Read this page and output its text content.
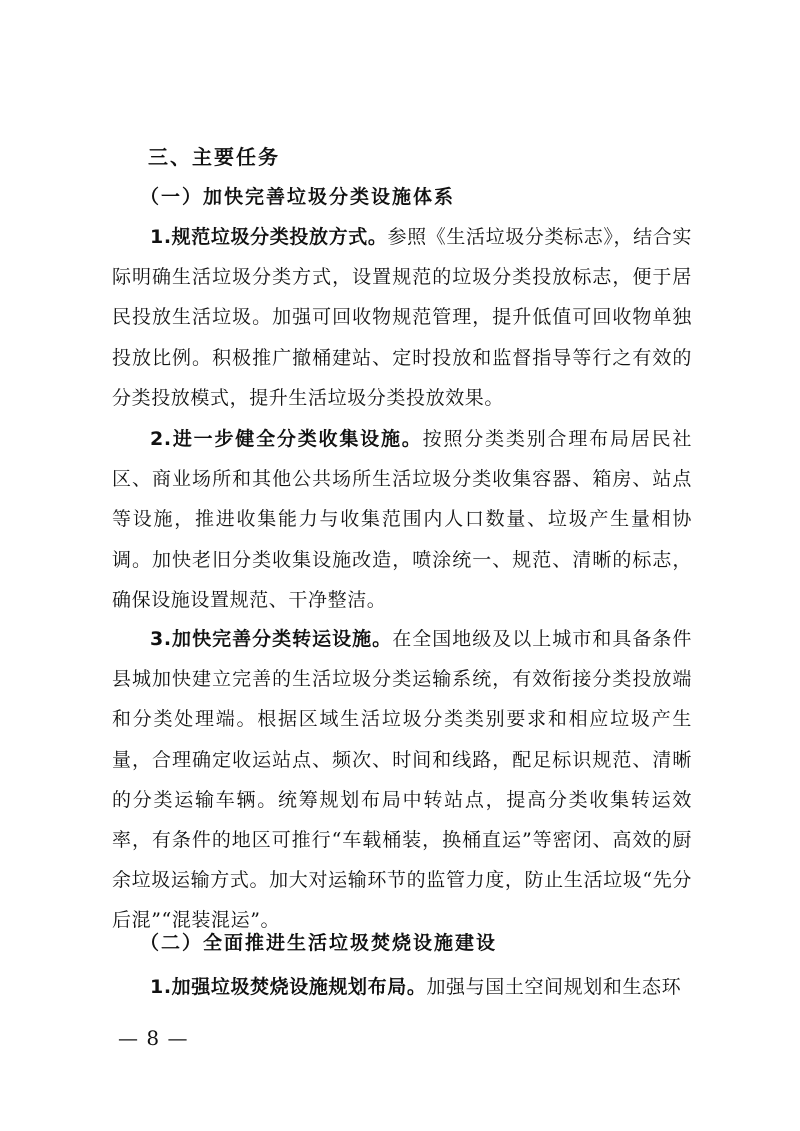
三、主要任务
（一）加快完善垃圾分类设施体系
1.规范垃圾分类投放方式。参照《生活垃圾分类标志》，结合实际明确生活垃圾分类方式，设置规范的垃圾分类投放标志，便于居民投放生活垃圾。加强可回收物规范管理，提升低值可回收物单独投放比例。积极推广撤桶建站、定时投放和监督指导等行之有效的分类投放模式，提升生活垃圾分类投放效果。
2.进一步健全分类收集设施。按照分类类别合理布局居民社区、商业场所和其他公共场所生活垃圾分类收集容器、箱房、站点等设施，推进收集能力与收集范围内人口数量、垃圾产生量相协调。加快老旧分类收集设施改造，喷涂统一、规范、清晰的标志，确保设施设置规范、干净整洁。
3.加快完善分类转运设施。在全国地级及以上城市和具备条件县城加快建立完善的生活垃圾分类运输系统，有效衔接分类投放端和分类处理端。根据区域生活垃圾分类类别要求和相应垃圾产生量，合理确定收运站点、频次、时间和线路，配足标识规范、清晰的分类运输车辆。统筹规划布局中转站点，提高分类收集转运效率，有条件的地区可推行“车载桶装，换桶直运”等密闭、高效的厨余垃圾运输方式。加大对运输环节的监管力度，防止生活垃圾“先分后混”“混装混运”。
（二）全面推进生活垃圾焚烧设施建设
1.加强垃圾焚烧设施规划布局。加强与国土空间规划和生态环
— 8 —
